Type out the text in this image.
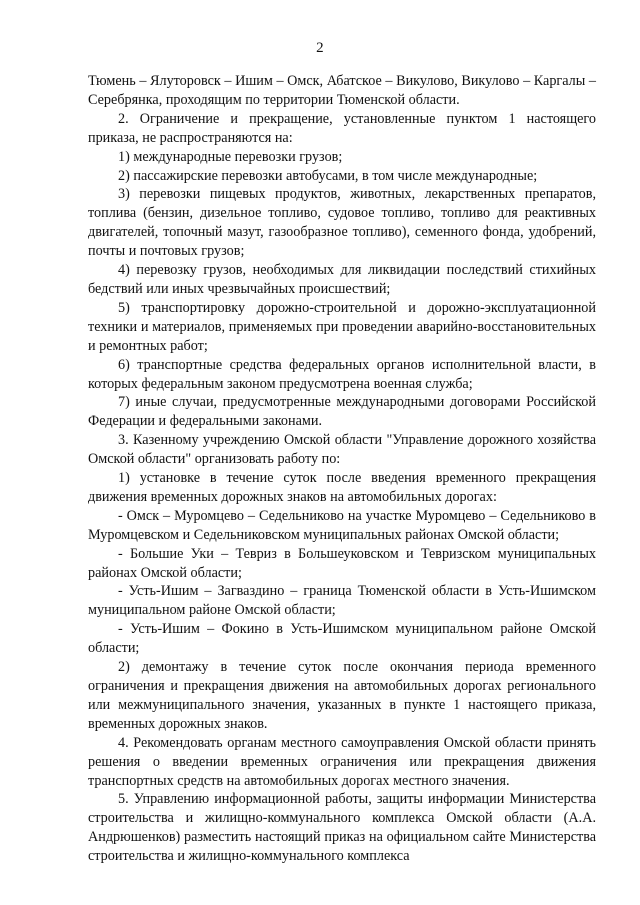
2

Тюмень – Ялуторовск – Ишим – Омск, Абатское – Викулово, Викулово – Каргалы – Серебрянка, проходящим по территории Тюменской области.

2. Ограничение и прекращение, установленные пунктом 1 настоящего приказа, не распространяются на:

1) международные перевозки грузов;

2) пассажирские перевозки автобусами, в том числе международные;

3) перевозки пищевых продуктов, животных, лекарственных препаратов, топлива (бензин, дизельное топливо, судовое топливо, топливо для реактивных двигателей, топочный мазут, газообразное топливо), семенного фонда, удобрений, почты и почтовых грузов;

4) перевозку грузов, необходимых для ликвидации последствий стихийных бедствий или иных чрезвычайных происшествий;

5) транспортировку дорожно-строительной и дорожно-эксплуатационной техники и материалов, применяемых при проведении аварийно-восстановительных и ремонтных работ;

6) транспортные средства федеральных органов исполнительной власти, в которых федеральным законом предусмотрена военная служба;

7) иные случаи, предусмотренные международными договорами Российской Федерации и федеральными законами.

3. Казенному учреждению Омской области "Управление дорожного хозяйства Омской области" организовать работу по:

1) установке в течение суток после введения временного прекращения движения временных дорожных знаков на автомобильных дорогах:

- Омск – Муромцево – Седельниково на участке Муромцево – Седельниково в Муромцевском и Седельниковском муниципальных районах Омской области;

- Большие Уки – Тевриз в Большеуковском и Тевризском муниципальных районах Омской области;

- Усть-Ишим – Загваздино – граница Тюменской области в Усть-Ишимском муниципальном районе Омской области;

- Усть-Ишим – Фокино в Усть-Ишимском муниципальном районе Омской области;

2) демонтажу в течение суток после окончания периода временного ограничения и прекращения движения на автомобильных дорогах регионального или межмуниципального значения, указанных в пункте 1 настоящего приказа, временных дорожных знаков.

4. Рекомендовать органам местного самоуправления Омской области принять решения о введении временных ограничения или прекращения движения транспортных средств на автомобильных дорогах местного значения.

5. Управлению информационной работы, защиты информации Министерства строительства и жилищно-коммунального комплекса Омской области (А.А. Андрюшенков) разместить настоящий приказ на официальном сайте Министерства строительства и жилищно-коммунального комплекса
